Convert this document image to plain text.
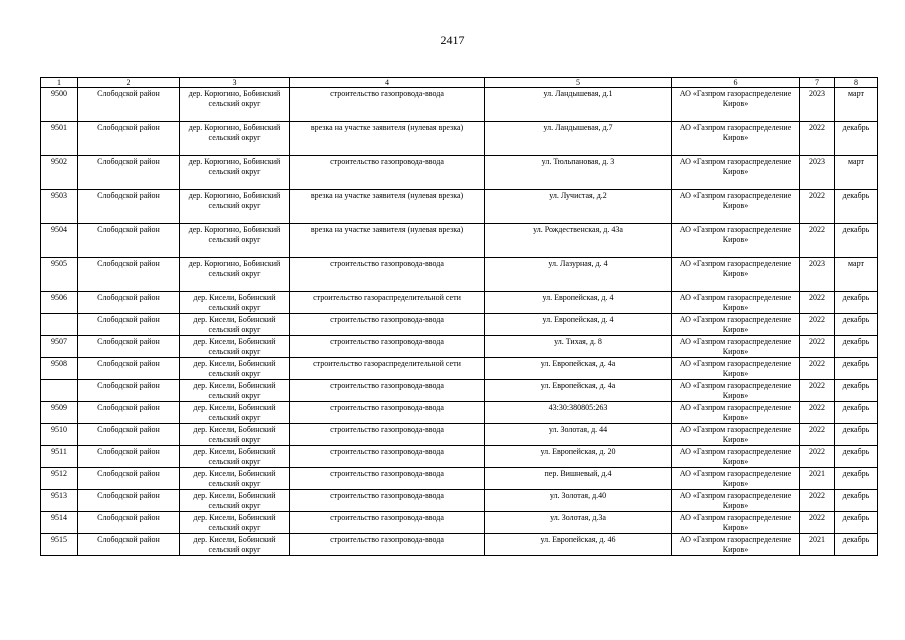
2417
1	2	3	4	5	6	7	8
9500	Слободской район	дер. Корюгино, Бобинский сельский округ	строительство газопровода-ввода	ул. Ландышевая, д.1	АО «Газпром газораспределение Киров»	2023	март
9501	Слободской район	дер. Корюгино, Бобинский сельский округ	врезка на участке заявителя (нулевая врезка)	ул. Ландышевая, д.7	АО «Газпром газораспределение Киров»	2022	декабрь
9502	Слободской район	дер. Корюгино, Бобинский сельский округ	строительство газопровода-ввода	ул. Тюльпановая, д. 3	АО «Газпром газораспределение Киров»	2023	март
9503	Слободской район	дер. Корюгино, Бобинский сельский округ	врезка на участке заявителя (нулевая врезка)	ул. Лучистая, д.2	АО «Газпром газораспределение Киров»	2022	декабрь
9504	Слободской район	дер. Корюгино, Бобинский сельский округ	врезка на участке заявителя (нулевая врезка)	ул. Рождественская, д. 43а	АО «Газпром газораспределение Киров»	2022	декабрь
9505	Слободской район	дер. Корюгино, Бобинский сельский округ	строительство газопровода-ввода	ул. Лазурная, д. 4	АО «Газпром газораспределение Киров»	2023	март
9506	Слободской район	дер. Кисели, Бобинский сельский округ	строительство газораспределительной сети	ул. Европейская, д. 4	АО «Газпром газораспределение Киров»	2022	декабрь
	Слободской район	дер. Кисели, Бобинский сельский округ	строительство газопровода-ввода	ул. Европейская, д. 4	АО «Газпром газораспределение Киров»	2022	декабрь
9507	Слободской район	дер. Кисели, Бобинский сельский округ	строительство газопровода-ввода	ул. Тихая, д. 8	АО «Газпром газораспределение Киров»	2022	декабрь
9508	Слободской район	дер. Кисели, Бобинский сельский округ	строительство газораспределительной сети	ул. Европейская, д. 4а	АО «Газпром газораспределение Киров»	2022	декабрь
	Слободской район	дер. Кисели, Бобинский сельский округ	строительство газопровода-ввода	ул. Европейская, д. 4а	АО «Газпром газораспределение Киров»	2022	декабрь
9509	Слободской район	дер. Кисели, Бобинский сельский округ	строительство газопровода-ввода	43:30:380805:263	АО «Газпром газораспределение Киров»	2022	декабрь
9510	Слободской район	дер. Кисели, Бобинский сельский округ	строительство газопровода-ввода	ул. Золотая, д. 44	АО «Газпром газораспределение Киров»	2022	декабрь
9511	Слободской район	дер. Кисели, Бобинский сельский округ	строительство газопровода-ввода	ул. Европейская, д. 20	АО «Газпром газораспределение Киров»	2022	декабрь
9512	Слободской район	дер. Кисели, Бобинский сельский округ	строительство газопровода-ввода	пер. Вишневый, д.4	АО «Газпром газораспределение Киров»	2021	декабрь
9513	Слободской район	дер. Кисели, Бобинский сельский округ	строительство газопровода-ввода	ул. Золотая, д.40	АО «Газпром газораспределение Киров»	2022	декабрь
9514	Слободской район	дер. Кисели, Бобинский сельский округ	строительство газопровода-ввода	ул. Золотая, д.3а	АО «Газпром газораспределение Киров»	2022	декабрь
9515	Слободской район	дер. Кисели, Бобинский сельский округ	строительство газопровода-ввода	ул. Европейская, д. 46	АО «Газпром газораспределение Киров»	2021	декабрь
